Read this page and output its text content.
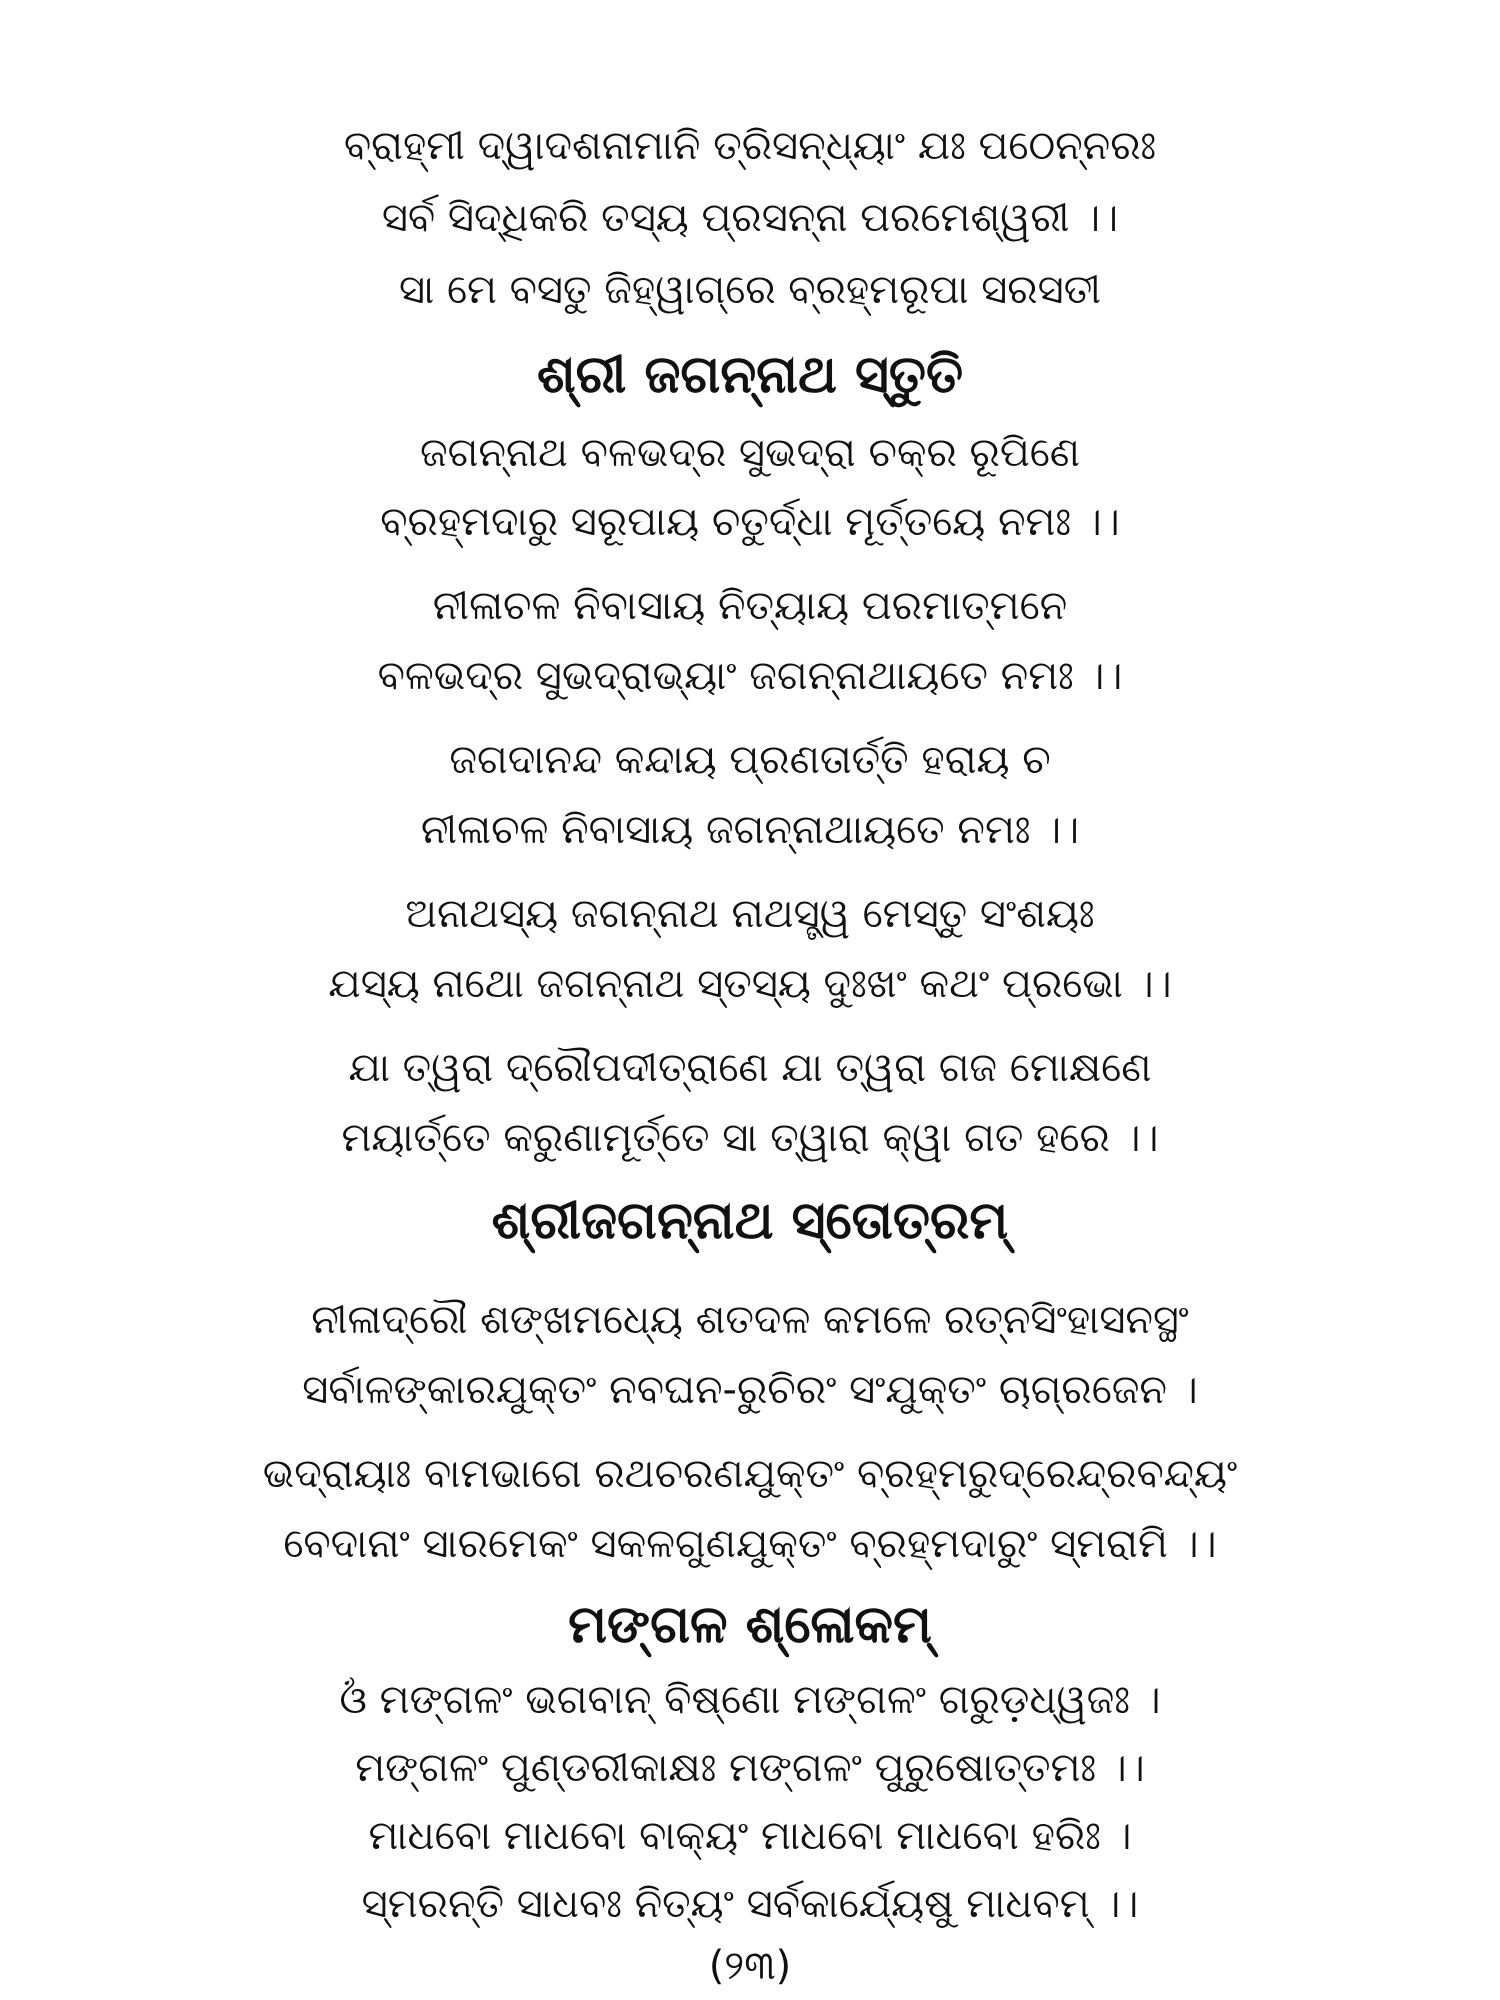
ବ୍ରାହ୍ମୀ ଦ୍ୱାଦଶନାମାନି ତ୍ରିସନ୍ଧ୍ୟାଂ ଯଃ ପଠେନ୍ନରଃ
ସର୍ବ ସିଦ୍ଧିକରି ତସ୍ୟ ପ୍ରସନ୍ନା ପରମେଶ୍ୱରୀ ।।
ସା ମେ ବସତୁ ଜିହ୍ୱାଗ୍ରେ ବ୍ରହ୍ମରୂପା ସରସତୀ
ଶ୍ରୀ ଜଗନ୍ନାଥ ସ୍ତୁତି
ଜଗନ୍ନାଥ ବଳଭଦ୍ର ସୁଭଦ୍ରା ଚକ୍ର ରୂପିଣେ
ବ୍ରହ୍ମଦାରୁ ସରୂପାୟ ଚତୁର୍ଦ୍ଧା ମୂର୍ତ୍ତୟେ ନମଃ ।।
ନୀଳାଚଳ ନିବାସାୟ ନିତ୍ୟାୟ ପରମାତ୍ମନେ
ବଳଭଦ୍ର ସୁଭଦ୍ରାଭ୍ୟାଂ ଜଗନ୍ନାଥାୟତେ ନମଃ ।।
ଜଗଦାନନ୍ଦ କନ୍ଦାୟ ପ୍ରଣତାର୍ତ୍ତି ହରାୟ ଚ
ନୀଳାଚଳ ନିବାସାୟ ଜଗନ୍ନାଥାୟତେ ନମଃ ।।
ଅନାଥସ୍ୟ ଜଗନ୍ନାଥ ନାଥସ୍ତ୍ୱ ମେସ୍ତୁ ସଂଶୟଃ
ଯସ୍ୟ ନାଥୋ ଜଗନ୍ନାଥ ସ୍ତସ୍ୟ ଦୁଃଖଂ କଥଂ ପ୍ରଭୋ ।।
ଯା ତ୍ୱରା ଦ୍ରୌପଦୀତ୍ରାଣେ ଯା ତ୍ୱରା ଗଜ ମୋକ୍ଷଣେ
ମୟାର୍ତ୍ତେ କରୁଣାମୂର୍ତ୍ତେ ସା ତ୍ୱାରା କ୍ୱା ଗତ ହରେ ।।
ଶ୍ରୀଜଗନ୍ନାଥ ସ୍ତୋତ୍ରମ୍
ନୀଳାଦ୍ରୌ ଶଙ୍ଖମଧ୍ୟେ ଶତଦଳ କମଳେ ରତ୍ନସିଂହାସନସ୍ଥଂ
ସର୍ବାଳଙ୍କାରଯୁକ୍ତଂ ନବଘନ-ରୁଚିରଂ ସଂଯୁକ୍ତଂ ଚାଗ୍ରଜେନ ।
ଭଦ୍ରାୟାଃ ବାମଭାଗେ ରଥଚରଣଯୁକ୍ତଂ ବ୍ରହ୍ମରୁଦ୍ରେନ୍ଦ୍ରବନ୍ଦ୍ୟଂ
ବେଦାନାଂ ସାରମେକଂ ସକଳଗୁଣଯୁକ୍ତଂ ବ୍ରହ୍ମଦାରୁଂ ସ୍ମରାମି ।।
ମଙ୍ଗଳ ଶ୍ଳୋକମ୍
ଓଁ ମଙ୍ଗଳଂ ଭଗବାନ୍ ବିଷ୍ଣୋ ମଙ୍ଗଳଂ ଗରୁଡ଼ଧ୍ୱଜଃ ।
ମଙ୍ଗଳଂ ପୁଣ୍ଡରୀକାକ୍ଷଃ ମଙ୍ଗଳଂ ପୁରୁଷୋତ୍ତମଃ ।।
ମାଧବୋ ମାଧବୋ ବାକ୍ୟଂ ମାଧବୋ ମାଧବୋ ହରିଃ ।
ସ୍ମରନ୍ତି ସାଧବଃ ନିତ୍ୟଂ ସର୍ବକାର୍ଯ୍ୟେଷୁ ମାଧବମ୍ ।।
(୨୩)
